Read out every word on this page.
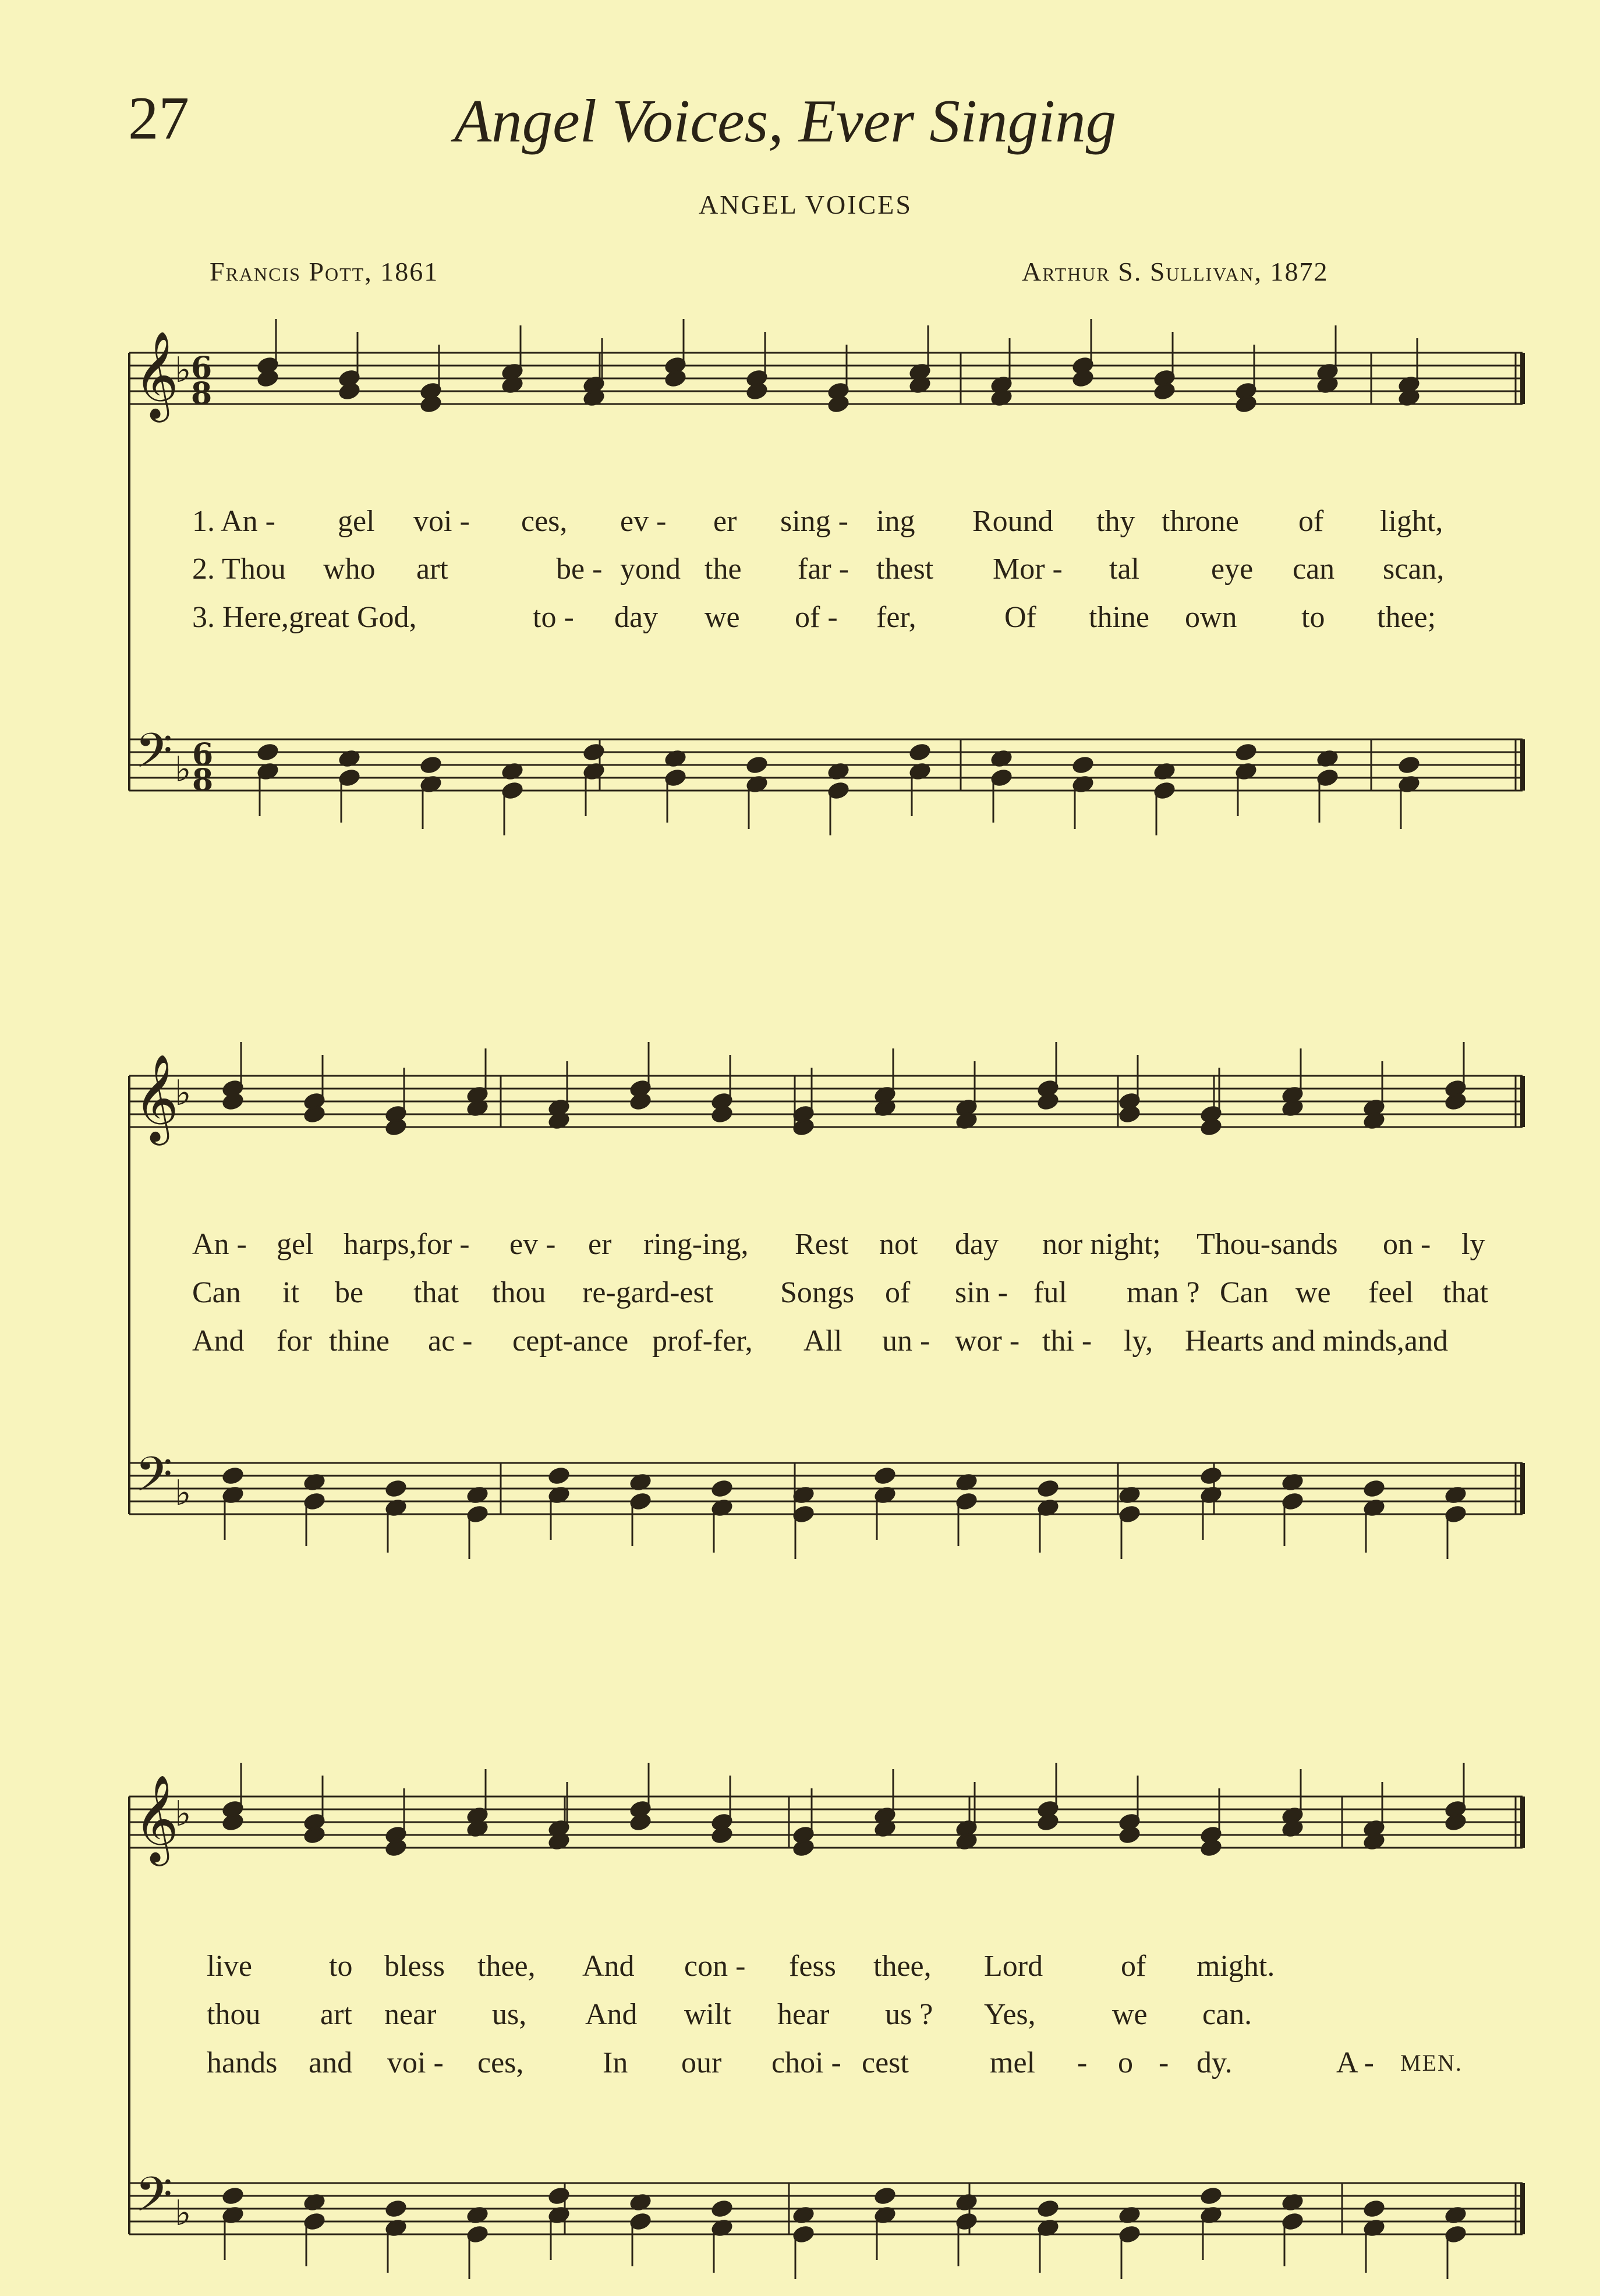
27	Angel Voices, Ever Singing
ANGEL VOICES
Francis Pott, 1861	Arthur S. Sullivan, 1872
𝄞
𝄢
♭
♭
6
8
6
8
𝄞
𝄢
♭
♭
𝄞
𝄢
♭
♭
1. An - gel voi - ces, ev - er sing - ing Round thy throne of light,
2. Thou who art	be - yond the far - thest Mor - tal eye can scan,
3. Here,great God,	to - day we of - fer,	Of thine own to thee;
An - gel harps,for - ev - er ring-ing, Rest not day nor night; Thou-sands on - ly
Can it be that thou re-gard-est Songs of sin - ful man ? Can we feel that
And for thine ac - cept-ance prof-fer, All un - wor - thi - ly, Hearts and minds,and
live	to bless thee, And con - fess thee, Lord	of might.
thou art near us, And wilt hear us ? Yes,	we can.
hands and voi - ces,	In our choi - cest	mel - o - dy.	A - MEN.
